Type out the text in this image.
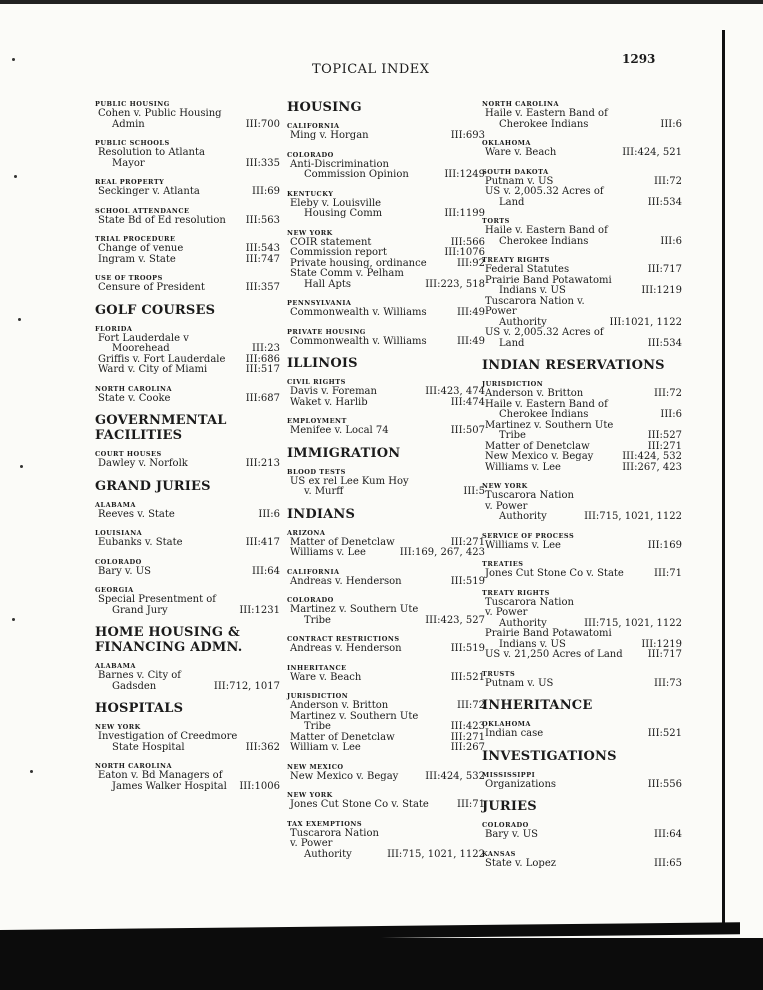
TOPICAL INDEX
1293
PUBLIC HOUSING
Cohen v. Public Housing
Admin	III:700
PUBLIC SCHOOLS
Resolution to Atlanta
Mayor	III:335
REAL PROPERTY
Seckinger v. Atlanta	III:69
SCHOOL ATTENDANCE
State Bd of Ed resolution	III:563
TRIAL PROCEDURE
Change of venue	III:543
Ingram v. State	III:747
USE OF TROOPS
Censure of President	III:357
GOLF COURSES
FLORIDA
Fort Lauderdale v
Moorehead	III:23
Griffis v. Fort Lauderdale	III:686
Ward v. City of Miami	III:517
NORTH CAROLINA
State v. Cooke	III:687
GOVERNMENTAL FACILITIES
COURT HOUSES
Dawley v. Norfolk	III:213
GRAND JURIES
ALABAMA
Reeves v. State	III:6
LOUISIANA
Eubanks v. State	III:417
COLORADO
Bary v. US	III:64
GEORGIA
Special Presentment of
Grand Jury	III:1231
HOME HOUSING & FINANCING ADMN.
ALABAMA
Barnes v. City of
Gadsden	III:712, 1017
HOSPITALS
NEW YORK
Investigation of Creedmore
State Hospital	III:362
NORTH CAROLINA
Eaton v. Bd Managers of
James Walker Hospital	III:1006
HOUSING
CALIFORNIA
Ming v. Horgan	III:693
COLORADO
Anti-Discrimination
Commission Opinion	III:1249
KENTUCKY
Eleby v. Louisville
Housing Comm	III:1199
NEW YORK
COIR statement	III:566
Commission report	III:1076
Private housing, ordinance	III:92
State Comm v. Pelham
Hall Apts	III:223, 518
PENNSYLVANIA
Commonwealth v. Williams	III:49
PRIVATE HOUSING
Commonwealth v. Williams	III:49
ILLINOIS
CIVIL RIGHTS
Davis v. Foreman	III:423, 474
Waket v. Harlib	III:474
EMPLOYMENT
Menifee v. Local 74	III:507
IMMIGRATION
BLOOD TESTS
US ex rel Lee Kum Hoy
v. Murff	III:5
INDIANS
ARIZONA
Matter of Denetclaw	III:271
Williams v. Lee	III:169, 267, 423
CALIFORNIA
Andreas v. Henderson	III:519
COLORADO
Martinez v. Southern Ute
Tribe	III:423, 527
CONTRACT RESTRICTIONS
Andreas v. Henderson	III:519
INHERITANCE
Ware v. Beach	III:521
JURISDICTION
Anderson v. Britton	III:72
Martinez v. Southern Ute
Tribe	III:423
Matter of Denetclaw	III:271
William v. Lee	III:267
NEW MEXICO
New Mexico v. Begay	III:424, 532
NEW YORK
Jones Cut Stone Co v. State	III:71
TAX EXEMPTIONS
Tuscarora Nation v. Power
Authority	III:715, 1021, 1122
NORTH CAROLINA
Haile v. Eastern Band of
Cherokee Indians	III:6
OKLAHOMA
Ware v. Beach	III:424, 521
SOUTH DAKOTA
Putnam v. US	III:72
US v. 2,005.32 Acres of
Land	III:534
TORTS
Haile v. Eastern Band of
Cherokee Indians	III:6
TREATY RIGHTS
Federal Statutes	III:717
Prairie Band Potawatomi
Indians v. US	III:1219
Tuscarora Nation v. Power
Authority	III:1021, 1122
US v. 2,005.32 Acres of
Land	III:534
INDIAN RESERVATIONS
JURISDICTION
Anderson v. Britton	III:72
Haile v. Eastern Band of
Cherokee Indians	III:6
Martinez v. Southern Ute
Tribe	III:527
Matter of Denetclaw	III:271
New Mexico v. Begay	III:424, 532
Williams v. Lee	III:267, 423
NEW YORK
Tuscarora Nation v. Power
Authority	III:715, 1021, 1122
SERVICE OF PROCESS
Williams v. Lee	III:169
TREATIES
Jones Cut Stone Co v. State	III:71
TREATY RIGHTS
Tuscarora Nation v. Power
Authority	III:715, 1021, 1122
Prairie Band Potawatomi
Indians v. US	III:1219
US v. 21,250 Acres of Land	III:717
TRUSTS
Putnam v. US	III:73
INHERITANCE
OKLAHOMA
Indian case	III:521
INVESTIGATIONS
MISSISSIPPI
Organizations	III:556
JURIES
COLORADO
Bary v. US	III:64
KANSAS
State v. Lopez	III:65
